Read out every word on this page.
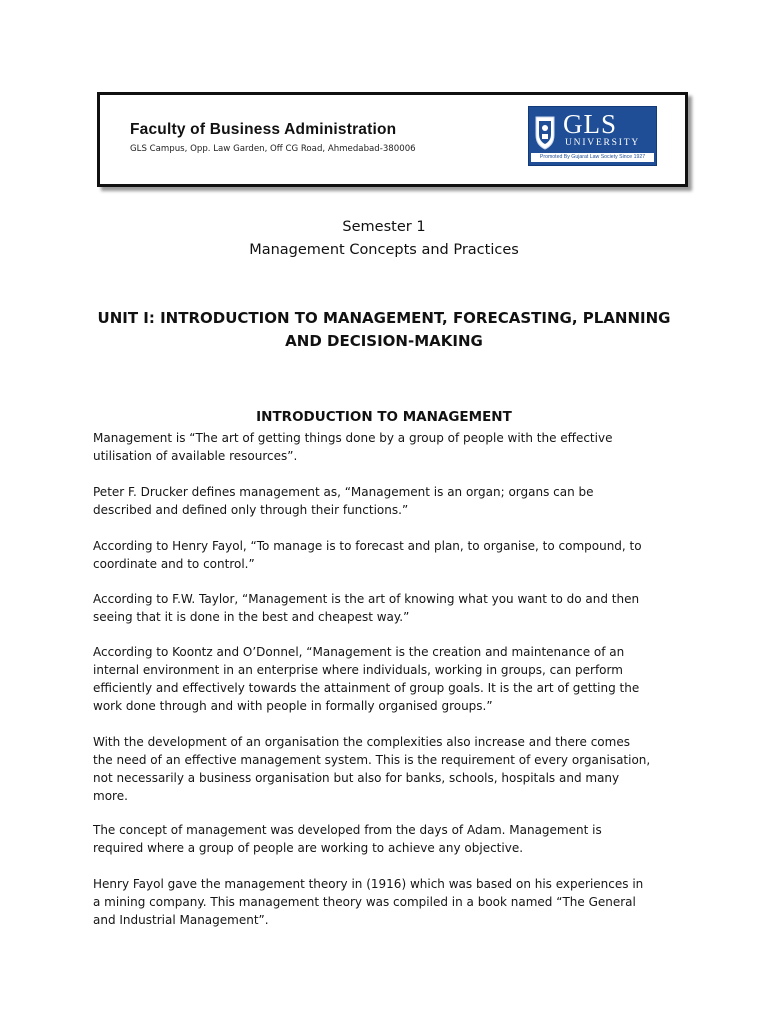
Faculty of Business Administration
GLS Campus, Opp. Law Garden, Off CG Road, Ahmedabad-380006
GLS
UNIVERSITY
Promoted By Gujarat Law Society Since 1927
Semester 1
Management Concepts and Practices
UNIT I: INTRODUCTION TO MANAGEMENT, FORECASTING, PLANNING
AND DECISION-MAKING
INTRODUCTION TO MANAGEMENT
Management is “The art of getting things done by a group of people with the effective utilisation of available resources”.
Peter F. Drucker defines management as, “Management is an organ; organs can be described and defined only through their functions.”
According to Henry Fayol, “To manage is to forecast and plan, to organise, to compound, to coordinate and to control.”
According to F.W. Taylor, “Management is the art of knowing what you want to do and then seeing that it is done in the best and cheapest way.”
According to Koontz and O’Donnel, “Management is the creation and maintenance of an internal environment in an enterprise where individuals, working in groups, can perform efficiently and effectively towards the attainment of group goals. It is the art of getting the work done through and with people in formally organised groups.”
With the development of an organisation the complexities also increase and there comes the need of an effective management system. This is the requirement of every organisation, not necessarily a business organisation but also for banks, schools, hospitals and many more.
The concept of management was developed from the days of Adam. Management is required where a group of people are working to achieve any objective.
Henry Fayol gave the management theory in (1916) which was based on his experiences in a mining company. This management theory was compiled in a book named “The General and Industrial Management”.
